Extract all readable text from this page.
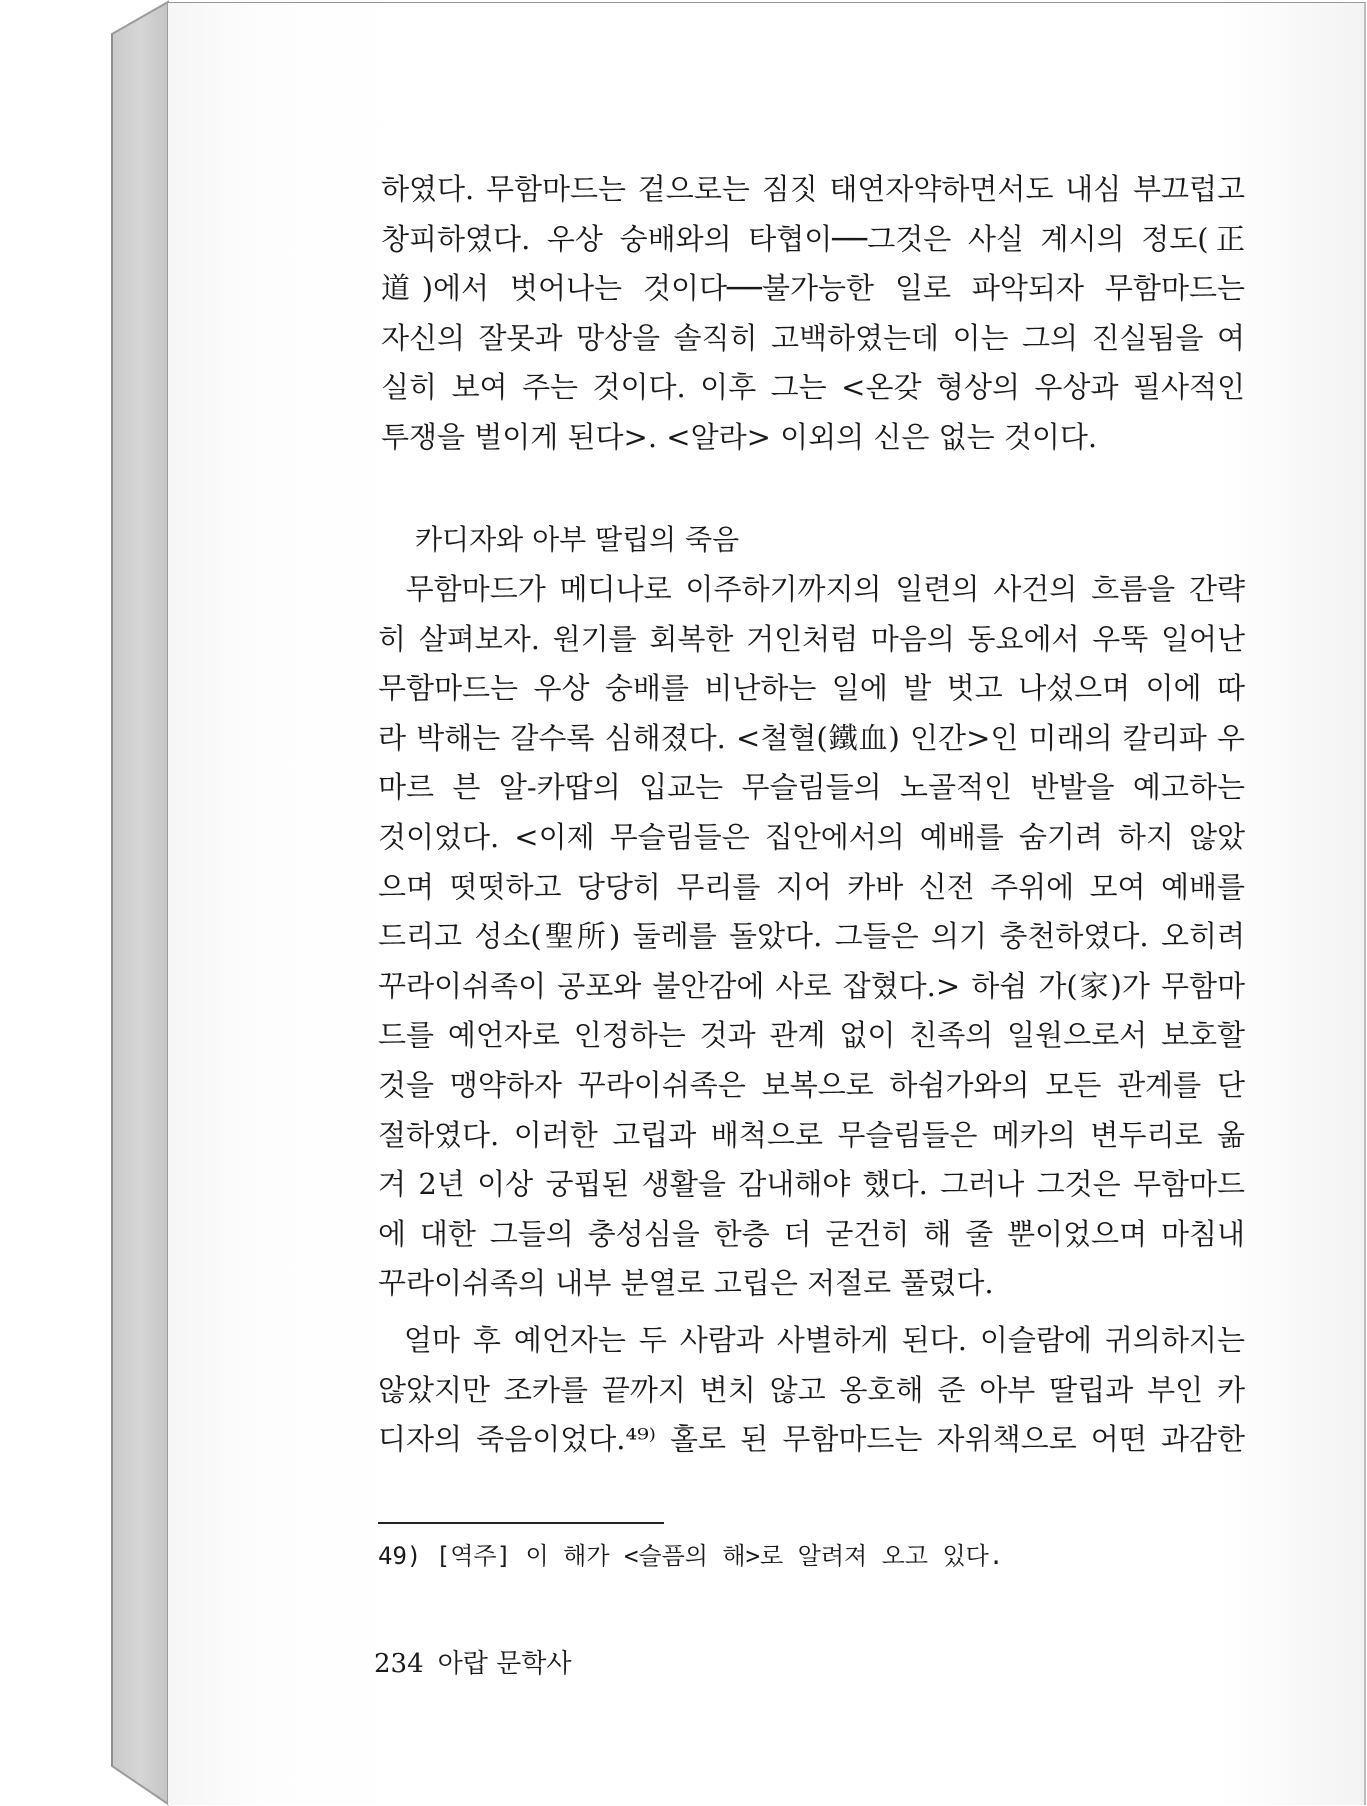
하였다. 무함마드는 겉으로는 짐짓 태연자약하면서도 내심 부끄럽고
창피하였다. 우상 숭배와의 타협이──그것은 사실 계시의 정도(正
道)에서 벗어나는 것이다──불가능한 일로 파악되자 무함마드는
자신의 잘못과 망상을 솔직히 고백하였는데 이는 그의 진실됨을 여
실히 보여 주는 것이다. 이후 그는 <온갖 형상의 우상과 필사적인
투쟁을 벌이게 된다>. <알라> 이외의 신은 없는 것이다.

카디자와 아부 딸립의 죽음

무함마드가 메디나로 이주하기까지의 일련의 사건의 흐름을 간략
히 살펴보자. 원기를 회복한 거인처럼 마음의 동요에서 우뚝 일어난
무함마드는 우상 숭배를 비난하는 일에 발 벗고 나섰으며 이에 따
라 박해는 갈수록 심해졌다. <철혈(鐵血) 인간>인 미래의 칼리파 우
마르 븐 알-카땁의 입교는 무슬림들의 노골적인 반발을 예고하는
것이었다. <이제 무슬림들은 집안에서의 예배를 숨기려 하지 않았
으며 떳떳하고 당당히 무리를 지어 카바 신전 주위에 모여 예배를
드리고 성소(聖所) 둘레를 돌았다. 그들은 의기 충천하였다. 오히려
꾸라이쉬족이 공포와 불안감에 사로 잡혔다.> 하쉼 가(家)가 무함마
드를 예언자로 인정하는 것과 관계 없이 친족의 일원으로서 보호할
것을 맹약하자 꾸라이쉬족은 보복으로 하쉼가와의 모든 관계를 단
절하였다. 이러한 고립과 배척으로 무슬림들은 메카의 변두리로 옮
겨 2년 이상 궁핍된 생활을 감내해야 했다. 그러나 그것은 무함마드
에 대한 그들의 충성심을 한층 더 굳건히 해 줄 뿐이었으며 마침내
꾸라이쉬족의 내부 분열로 고립은 저절로 풀렸다.

얼마 후 예언자는 두 사람과 사별하게 된다. 이슬람에 귀의하지는
않았지만 조카를 끝까지 변치 않고 옹호해 준 아부 딸립과 부인 카
디자의 죽음이었다.⁴⁹⁾ 홀로 된 무함마드는 자위책으로 어떤 과감한

49) [역주] 이 해가 <슬픔의 해>로 알려져 오고 있다.

234 아랍 문학사
